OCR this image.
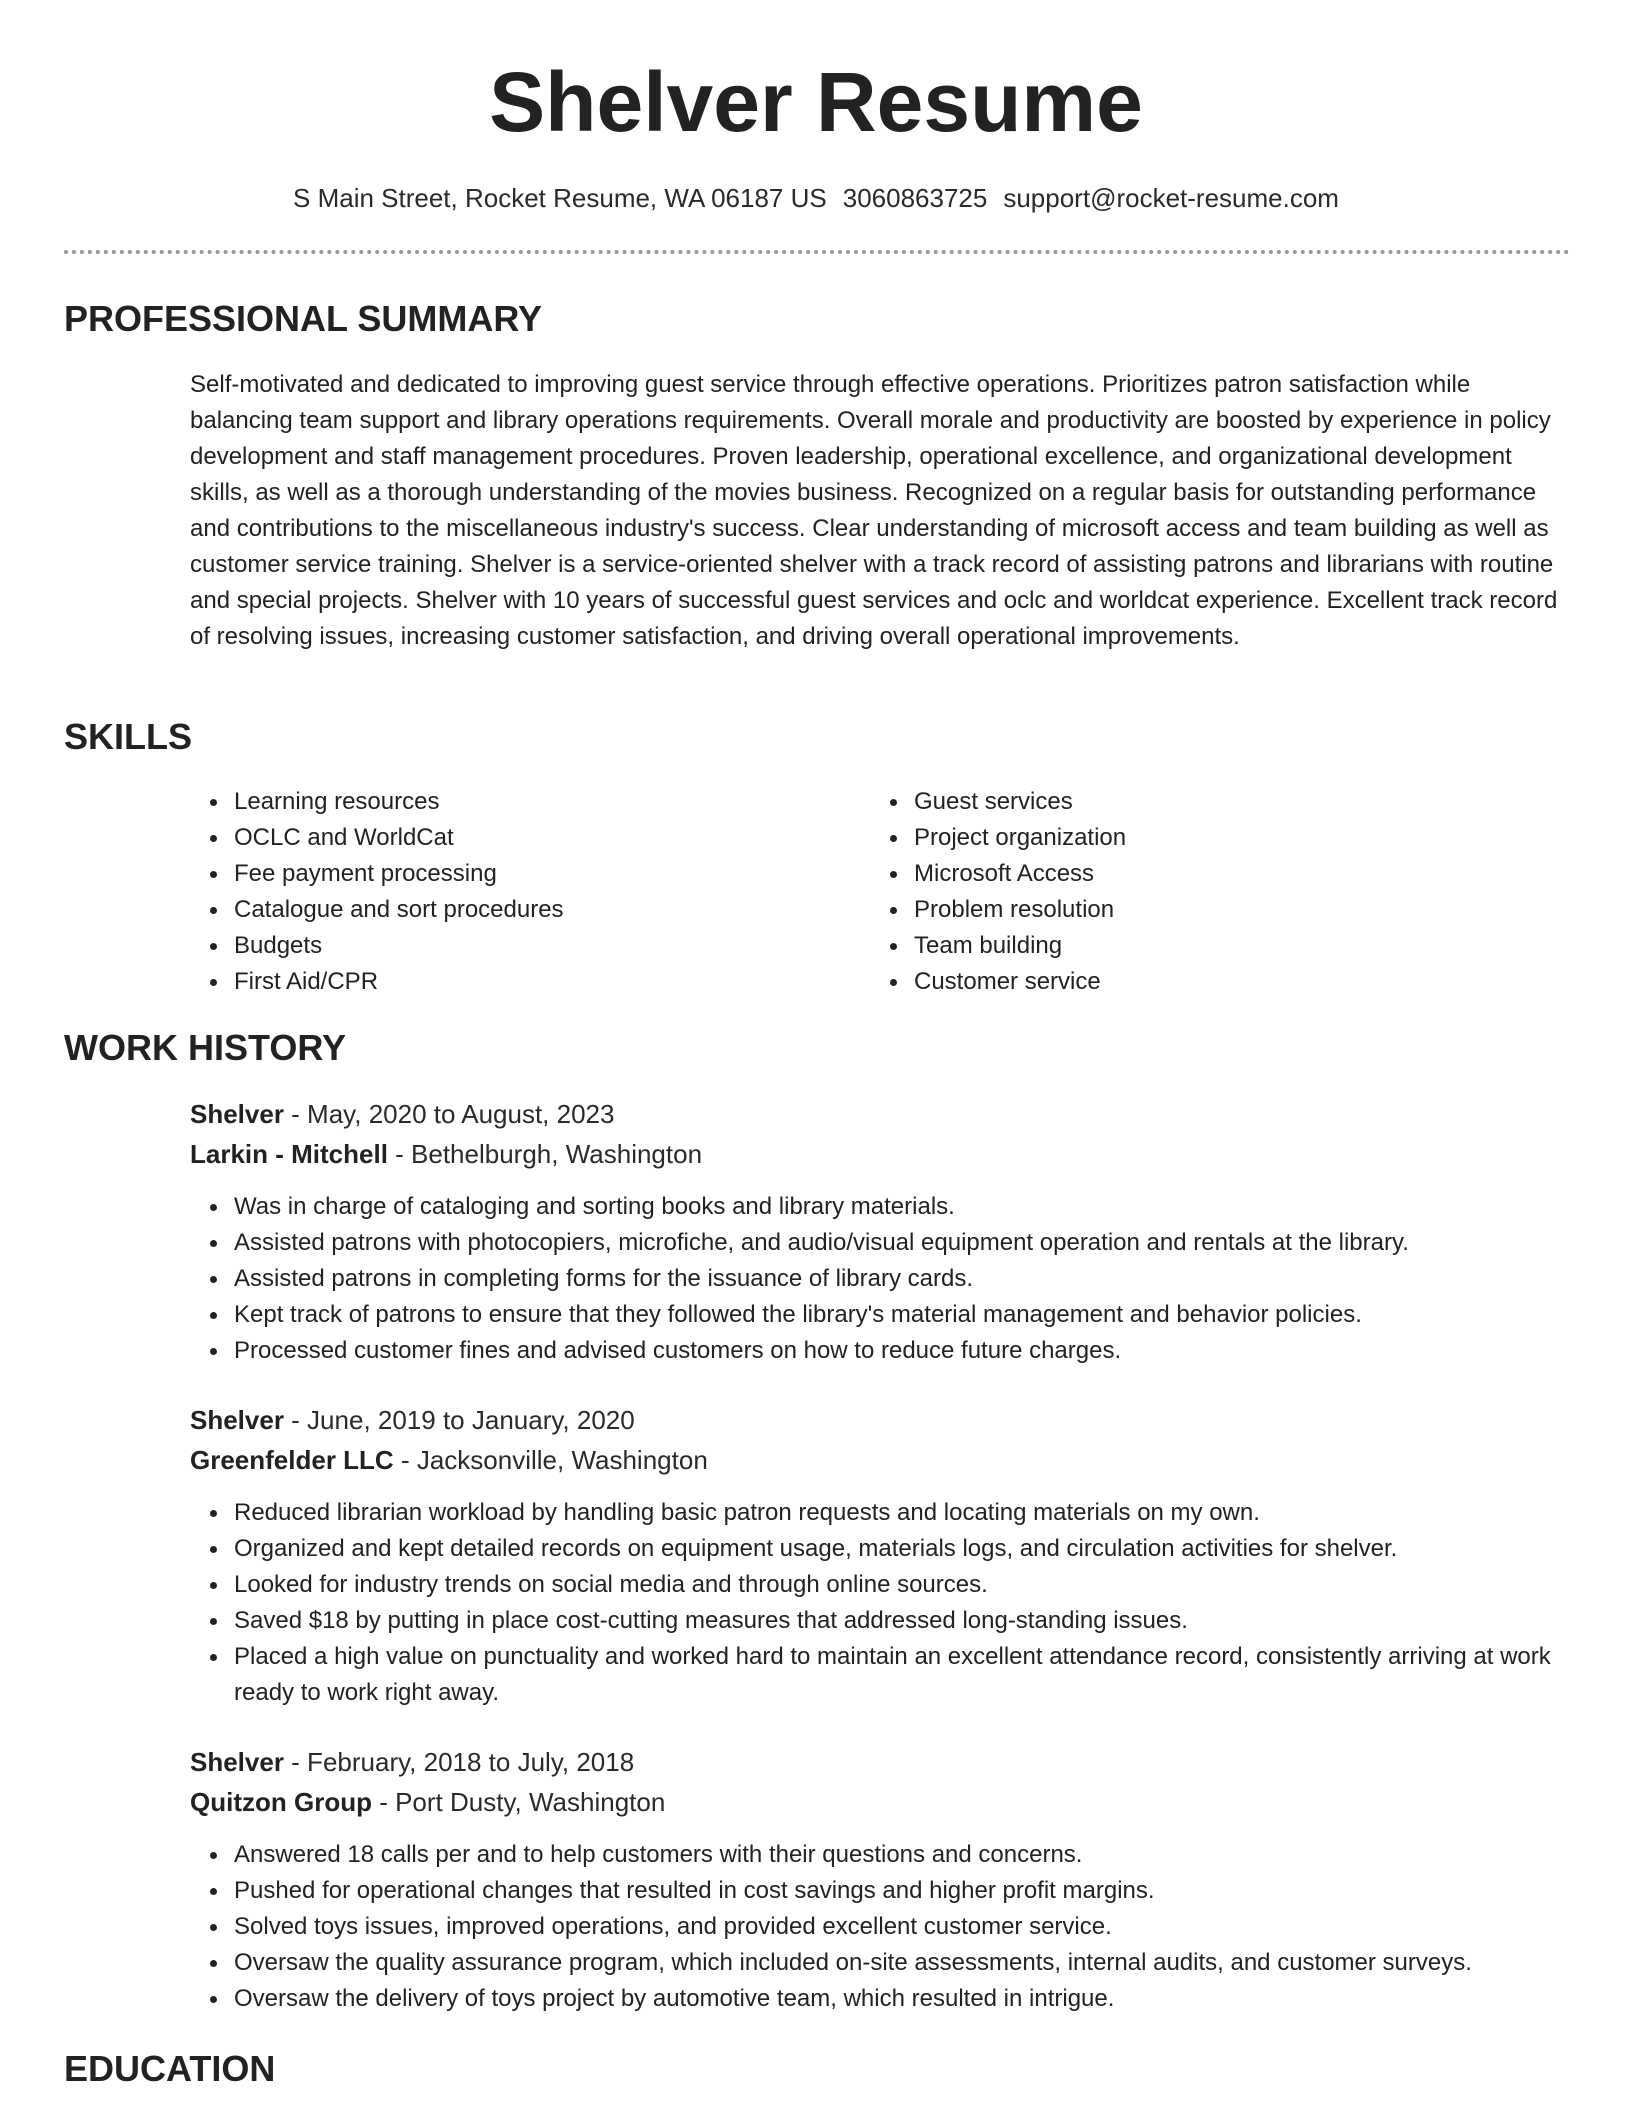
Shelver Resume
S Main Street, Rocket Resume, WA 06187 US 3060863725 support@rocket-resume.com
PROFESSIONAL SUMMARY

Self-motivated and dedicated to improving guest service through effective operations. Prioritizes patron satisfaction while balancing team support and library operations requirements. Overall morale and productivity are boosted by experience in policy development and staff management procedures. Proven leadership, operational excellence, and organizational development skills, as well as a thorough understanding of the movies business. Recognized on a regular basis for outstanding performance and contributions to the miscellaneous industry's success. Clear understanding of microsoft access and team building as well as customer service training. Shelver is a service-oriented shelver with a track record of assisting patrons and librarians with routine and special projects. Shelver with 10 years of successful guest services and oclc and worldcat experience. Excellent track record of resolving issues, increasing customer satisfaction, and driving overall operational improvements.

SKILLS
Learning resources
OCLC and WorldCat
Fee payment processing
Catalogue and sort procedures
Budgets
First Aid/CPR
Guest services
Project organization
Microsoft Access
Problem resolution
Team building
Customer service
WORK HISTORY
Shelver - May, 2020 to August, 2023
Larkin - Mitchell - Bethelburgh, Washington
Was in charge of cataloging and sorting books and library materials.
Assisted patrons with photocopiers, microfiche, and audio/visual equipment operation and rentals at the library.
Assisted patrons in completing forms for the issuance of library cards.
Kept track of patrons to ensure that they followed the library's material management and behavior policies.
Processed customer fines and advised customers on how to reduce future charges.
Shelver - June, 2019 to January, 2020
Greenfelder LLC - Jacksonville, Washington
Reduced librarian workload by handling basic patron requests and locating materials on my own.
Organized and kept detailed records on equipment usage, materials logs, and circulation activities for shelver.
Looked for industry trends on social media and through online sources.
Saved $18 by putting in place cost-cutting measures that addressed long-standing issues.
Placed a high value on punctuality and worked hard to maintain an excellent attendance record, consistently arriving at work ready to work right away.
Shelver - February, 2018 to July, 2018
Quitzon Group - Port Dusty, Washington
Answered 18 calls per and to help customers with their questions and concerns.
Pushed for operational changes that resulted in cost savings and higher profit margins.
Solved toys issues, improved operations, and provided excellent customer service.
Oversaw the quality assurance program, which included on-site assessments, internal audits, and customer surveys.
Oversaw the delivery of toys project by automotive team, which resulted in intrigue.
EDUCATION
